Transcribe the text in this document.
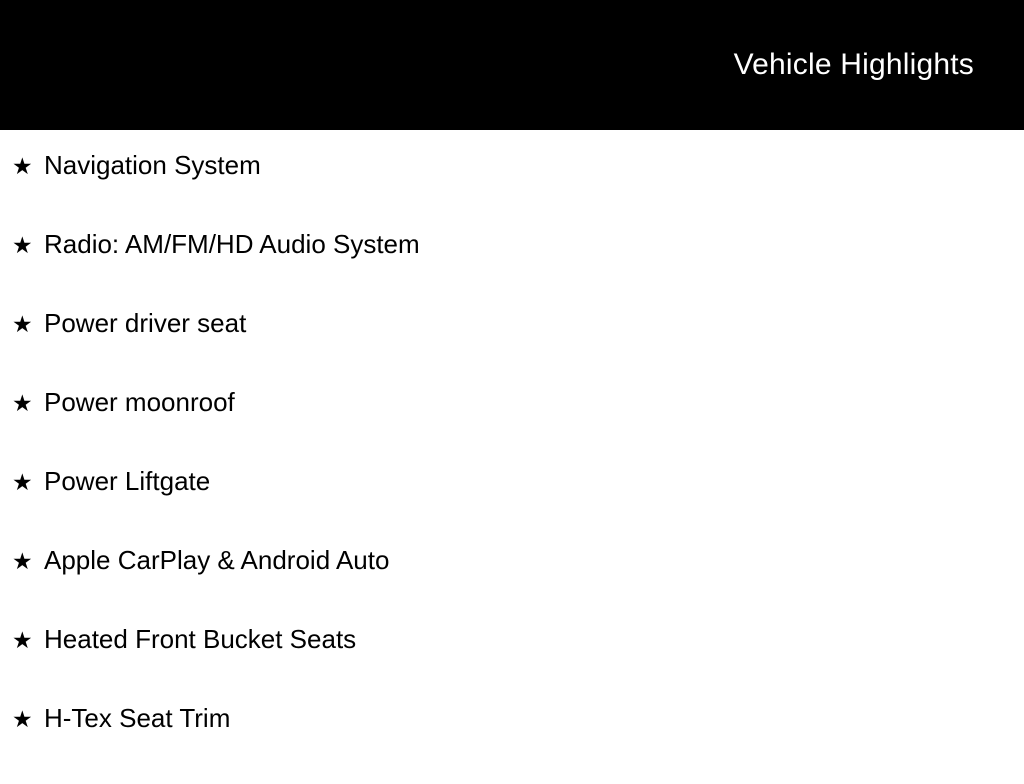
Vehicle Highlights
★ Navigation System
★ Radio: AM/FM/HD Audio System
★ Power driver seat
★ Power moonroof
★ Power Liftgate
★ Apple CarPlay & Android Auto
★ Heated Front Bucket Seats
★ H-Tex Seat Trim
